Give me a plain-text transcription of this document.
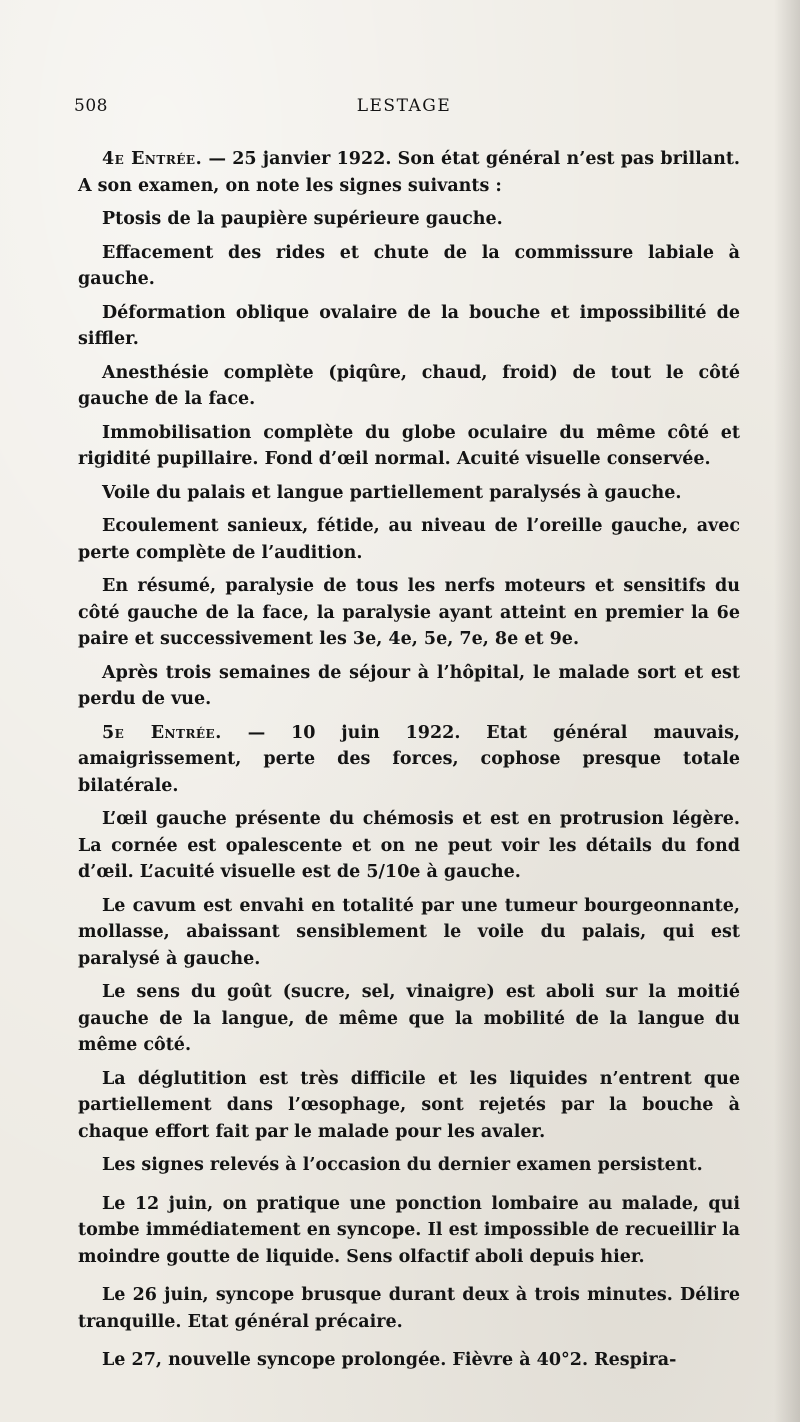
508	LESTAGE

4e Entrée. — 25 janvier 1922. Son état général n’est pas brillant. A son examen, on note les signes suivants :

Ptosis de la paupière supérieure gauche.

Effacement des rides et chute de la commissure labiale à gauche.

Déformation oblique ovalaire de la bouche et impossibilité de siffler.

Anesthésie complète (piqûre, chaud, froid) de tout le côté gauche de la face.

Immobilisation complète du globe oculaire du même côté et rigidité pupillaire. Fond d’œil normal. Acuité visuelle conservée.

Voile du palais et langue partiellement paralysés à gauche.

Ecoulement sanieux, fétide, au niveau de l’oreille gauche, avec perte complète de l’audition.

En résumé, paralysie de tous les nerfs moteurs et sensitifs du côté gauche de la face, la paralysie ayant atteint en premier la 6e paire et successivement les 3e, 4e, 5e, 7e, 8e et 9e.

Après trois semaines de séjour à l’hôpital, le malade sort et est perdu de vue.

5e Entrée. — 10 juin 1922. Etat général mauvais, amaigrissement, perte des forces, cophose presque totale bilatérale.

L’œil gauche présente du chémosis et est en protrusion légère. La cornée est opalescente et on ne peut voir les détails du fond d’œil. L’acuité visuelle est de 5/10e à gauche.

Le cavum est envahi en totalité par une tumeur bourgeonnante, mollasse, abaissant sensiblement le voile du palais, qui est paralysé à gauche.

Le sens du goût (sucre, sel, vinaigre) est aboli sur la moitié gauche de la langue, de même que la mobilité de la langue du même côté.

La déglutition est très difficile et les liquides n’entrent que partiellement dans l’œsophage, sont rejetés par la bouche à chaque effort fait par le malade pour les avaler.

Les signes relevés à l’occasion du dernier examen persistent.

Le 12 juin, on pratique une ponction lombaire au malade, qui tombe immédiatement en syncope. Il est impossible de recueillir la moindre goutte de liquide. Sens olfactif aboli depuis hier.

Le 26 juin, syncope brusque durant deux à trois minutes. Délire tranquille. Etat général précaire.

Le 27, nouvelle syncope prolongée. Fièvre à 40°2. Respira-
